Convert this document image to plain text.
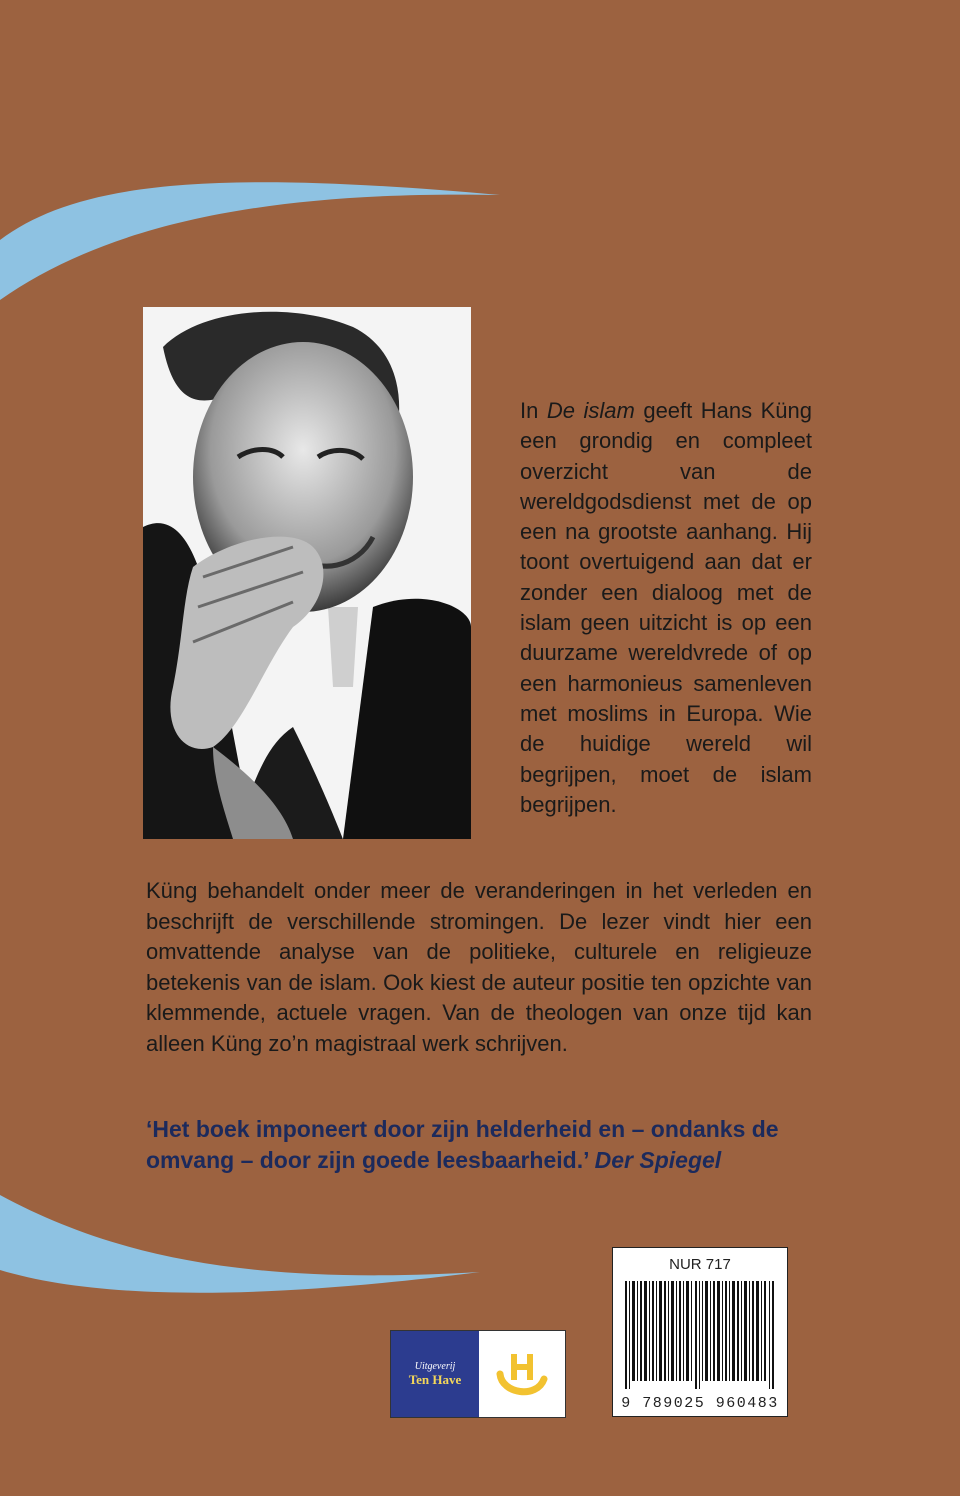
In De islam geeft Hans Küng een grondig en compleet overzicht van de wereldgodsdienst met de op een na grootste aanhang. Hij toont overtuigend aan dat er zonder een dialoog met de islam geen uitzicht is op een duurzame wereldvrede of op een harmonieus samenleven met moslims in Europa. Wie de huidige wereld wil begrijpen, moet de islam begrijpen.

Küng behandelt onder meer de veranderingen in het verleden en beschrijft de verschillende stromingen. De lezer vindt hier een omvattende analyse van de politieke, culturele en religieuze betekenis van de islam. Ook kiest de auteur positie ten opzichte van klemmende, actuele vragen. Van de theologen van onze tijd kan alleen Küng zo’n magistraal werk schrijven.

‘Het boek imponeert door zijn helderheid en – ondanks de omvang – door zijn goede leesbaarheid.’ Der Spiegel

Uitgeverij
Ten Have
NUR 717
9 789025 960483
